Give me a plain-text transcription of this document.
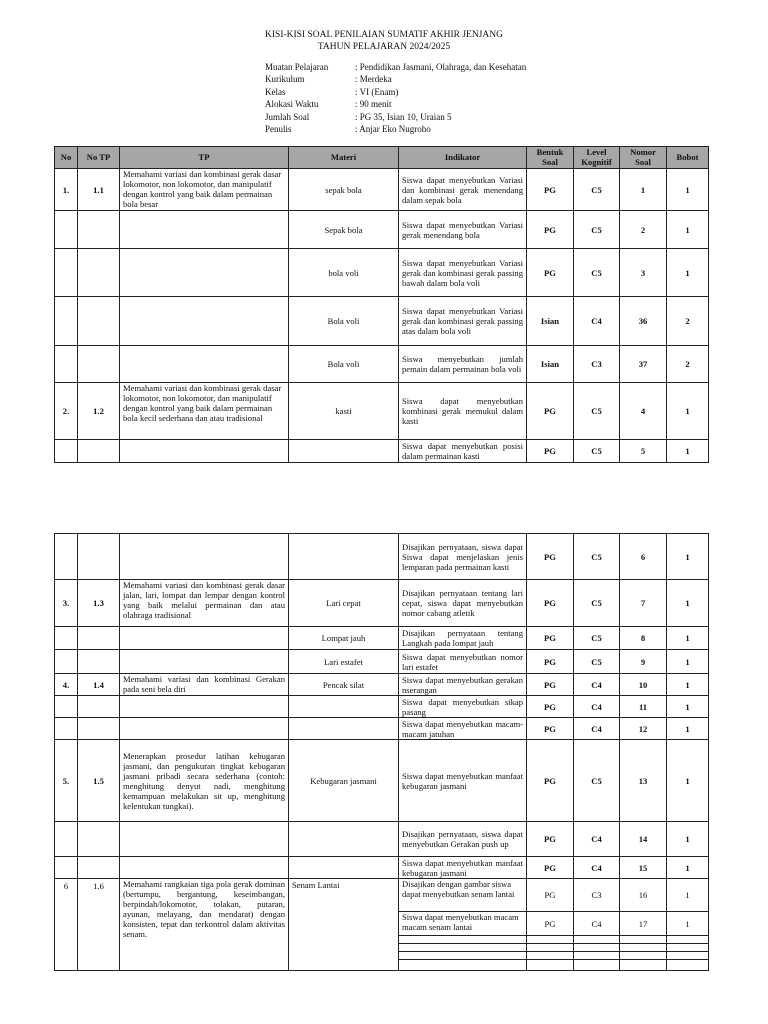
KISI-KISI SOAL PENILAIAN SUMATIF AKHIR JENJANG
TAHUN PELAJARAN 2024/2025
Muatan Pelajaran	: Pendidikan Jasmani, Olahraga, dan Kesehatan
Kurikulum	: Merdeka
Kelas	: VI (Enam)
Alokasi Waktu	: 90 menit
Jumlah Soal	: PG 35, Isian 10, Uraian 5
Penulis	: Anjar Eko Nugroho
No	No TP	TP	Materi	Indikator	Bentuk Soal	Level Kognitif	Nomor Soal	Bobot
1.	1.1	Memahami variasi dan kombinasi gerak dasar lokomotor, non lokomotor, dan manipulatif dengan kontrol yang baik dalam permainan bola besar	sepak bola	Siswa dapat menyebutkan Variasi dan kombinasi gerak menendang dalam sepak bola	PG	C5	1	1
			Sepak bola	Siswa dapat menyebutkan Variasi gerak menendang bola	PG	C5	2	1
			bola voli	Siswa dapat menyebutkan Variasi gerak dan kombinasi gerak passing bawah dalam bola voli	PG	C5	3	1
			Bola voli	Siswa dapat menyebutkan Variasi gerak dan kombinasi gerak passing atas dalam bola voli	Isian	C4	36	2
			Bola voli	Siswa menyebutkan jumlah pemain dalam permainan bola voli	Isian	C3	37	2
2.	1.2	Memahami variasi dan kombinasi gerak dasar lokomotor, non lokomotor, dan manipulatif dengan kontrol yang baik dalam permainan bola kecil sederhana dan atau tradisional	kasti	Siswa dapat menyebutkan kombinasi gerak memukul dalam kasti	PG	C5	4	1
				Siswa dapat menyebutkan posisi dalam permainan kasti	PG	C5	5	1
				Disajikan pernyataan, siswa dapat Siswa dapat menjelaskan jenis lemparan pada permainan kasti	PG	C5	6	1
3.	1.3	Memahami variasi dan kombinasi gerak dasar jalan, lari, lompat dan lempar dengan kontrol yang baik melalui permainan dan atau olahraga tradisional	Lari cepat	Disajikan pernyataan tentang lari cepat, siswa dapat menyebutkan nomor cabang atletik	PG	C5	7	1
			Lompat jauh	Disajikan pernyataan tentang Langkah pada lompat jauh	PG	C5	8	1
			Lari estafet	Siswa dapat menyebutkan nomor lari estafet	PG	C5	9	1
4.	1.4	Memahami variasi dan kombinasi Gerakan pada seni bela diri	Pencak silat	Siswa dapat menyebutkan gerakan nserangan	PG	C4	10	1
				Siswa dapat menyebutkan sikap pasang	PG	C4	11	1
				Siswa dapat menyebutkan macam-macam jatuhan	PG	C4	12	1
5.	1.5	Menerapkan prosedur latihan kebugaran jasmani, dan pengukuran tingkat kebugaran jasmani pribadi secara sederhana (contoh: menghitung denyut nadi, menghitung kemampuan melakukan sit up, menghitung kelentukan tungkai).	Kebugaran jasmani	Siswa dapat menyebutkan manfaat kebugaran jasmani	PG	C5	13	1
				Disajikan pernyataan, siswa dapat menyebutkan Gerakan push up	PG	C4	14	1
				Siswa dapat menyebutkan manfaat kebugaran jasmani	PG	C4	15	1
6	1.6	Memahami rangkaian tiga pola gerak dominan (bertumpu, bergantung, keseimbangan, berpindah/lokomotor, tolakan, putaran, ayunan, melayang, dan mendarat) dengan konsisten, tepat dan terkontrol dalam aktivitas senam.	Senam Lantai	Disajikan dengan gambar siswa dapat menyebutkan senam lantai	PG	C3	16	1
				Siswa dapat menyebutkan macam macam senam lantai	PG	C4	17	1
